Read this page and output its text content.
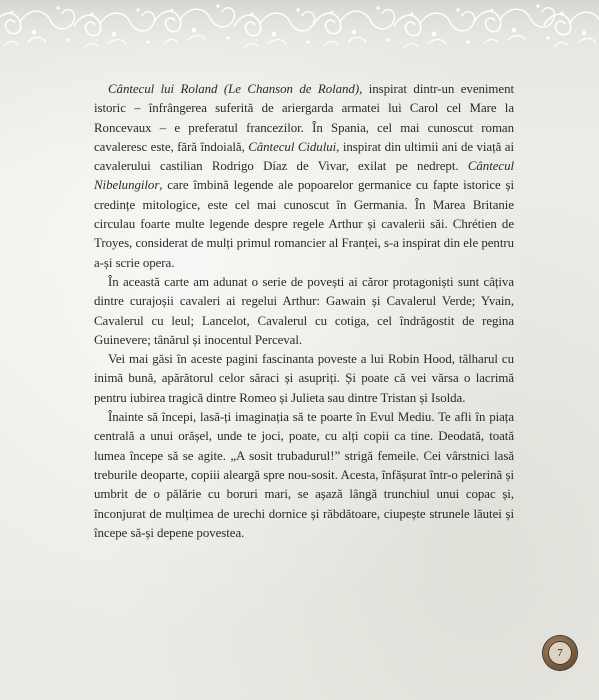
Cântecul lui Roland (Le Chanson de Roland), inspirat dintr-un eveniment istoric – înfrângerea suferită de ariergarda armatei lui Carol cel Mare la Roncevaux – e preferatul francezilor. În Spania, cel mai cunoscut roman cavaleresc este, fără îndoială, Cântecul Cidului, inspirat din ultimii ani de viață ai cavalerului castilian Rodrigo Díaz de Vivar, exilat pe nedrept. Cântecul Nibelungilor, care îmbină legende ale popoarelor germanice cu fapte istorice și credințe mitologice, este cel mai cunoscut în Germania. În Marea Britanie circulau foarte multe legende despre regele Arthur și cavalerii săi. Chrétien de Troyes, considerat de mulți primul romancier al Franței, s-a inspirat din ele pentru a-și scrie opera.

În această carte am adunat o serie de povești ai căror protagoniști sunt câțiva dintre curajoșii cavaleri ai regelui Arthur: Gawain și Cavalerul Verde; Yvain, Cavalerul cu leul; Lancelot, Cavalerul cu cotiga, cel îndrăgostit de regina Guinevere; tânărul și inocentul Perceval.

Vei mai găsi în aceste pagini fascinanta poveste a lui Robin Hood, tâlharul cu inimă bună, apărătorul celor săraci și asupriți. Și poate că vei vărsa o lacrimă pentru iubirea tragică dintre Romeo și Julieta sau dintre Tristan și Isolda.

Înainte să începi, lasă-ți imaginația să te poarte în Evul Mediu. Te afli în piața centrală a unui orășel, unde te joci, poate, cu alți copii ca tine. Deodată, toată lumea începe să se agite. „A sosit trubadurul!” strigă femeile. Cei vârstnici lasă treburile deoparte, copiii aleargă spre nou-sosit. Acesta, înfășurat într-o pelerină și umbrit de o pălărie cu boruri mari, se așază lângă trunchiul unui copac și, înconjurat de mulțimea de urechi dornice și răbdătoare, ciupește strunele lăutei și începe să-și depene povestea.

7
